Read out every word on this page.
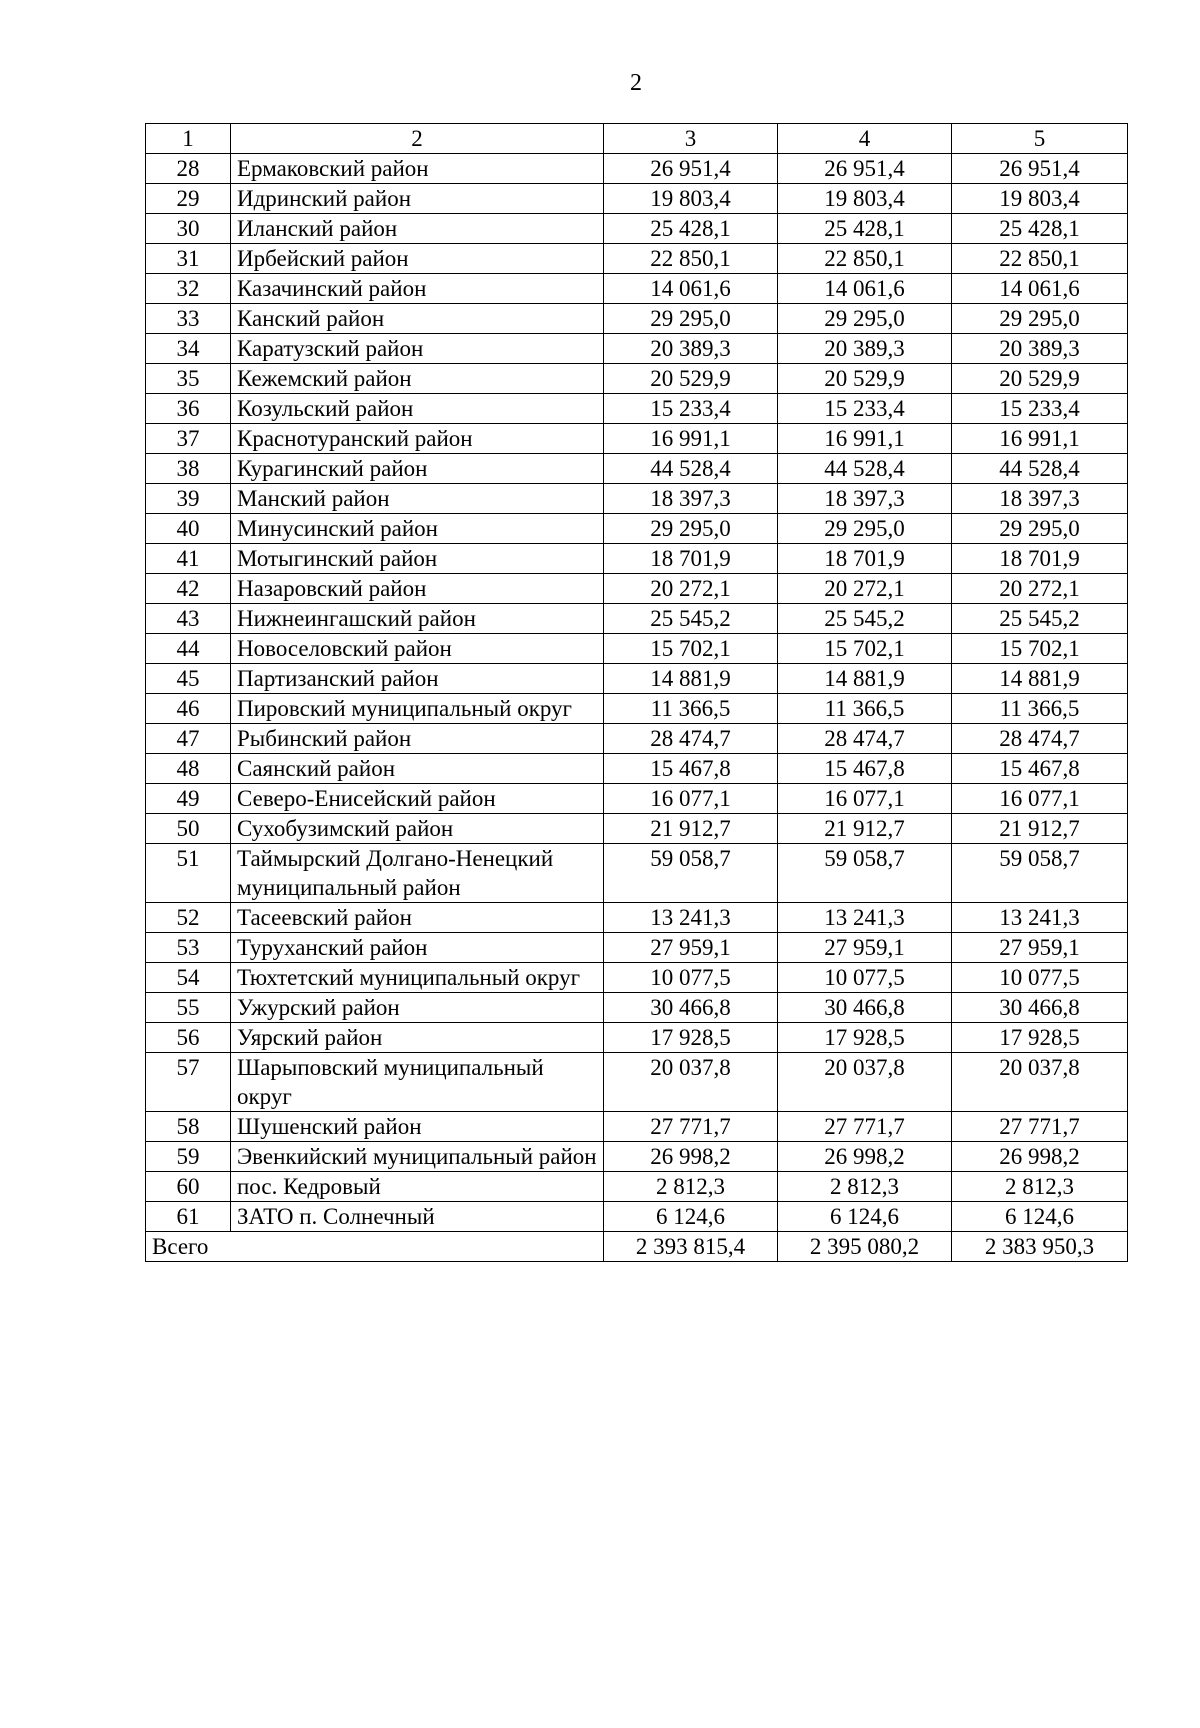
2
1	2	3	4	5
28	Ермаковский район	26 951,4	26 951,4	26 951,4
29	Идринский район	19 803,4	19 803,4	19 803,4
30	Иланский район	25 428,1	25 428,1	25 428,1
31	Ирбейский район	22 850,1	22 850,1	22 850,1
32	Казачинский район	14 061,6	14 061,6	14 061,6
33	Канский район	29 295,0	29 295,0	29 295,0
34	Каратузский район	20 389,3	20 389,3	20 389,3
35	Кежемский район	20 529,9	20 529,9	20 529,9
36	Козульский район	15 233,4	15 233,4	15 233,4
37	Краснотуранский район	16 991,1	16 991,1	16 991,1
38	Курагинский район	44 528,4	44 528,4	44 528,4
39	Манский район	18 397,3	18 397,3	18 397,3
40	Минусинский район	29 295,0	29 295,0	29 295,0
41	Мотыгинский район	18 701,9	18 701,9	18 701,9
42	Назаровский район	20 272,1	20 272,1	20 272,1
43	Нижнеингашский район	25 545,2	25 545,2	25 545,2
44	Новоселовский район	15 702,1	15 702,1	15 702,1
45	Партизанский район	14 881,9	14 881,9	14 881,9
46	Пировский муниципальный округ	11 366,5	11 366,5	11 366,5
47	Рыбинский район	28 474,7	28 474,7	28 474,7
48	Саянский район	15 467,8	15 467,8	15 467,8
49	Северо-Енисейский район	16 077,1	16 077,1	16 077,1
50	Сухобузимский район	21 912,7	21 912,7	21 912,7
51	Таймырский Долгано-Ненецкий муниципальный район	59 058,7	59 058,7	59 058,7
52	Тасеевский район	13 241,3	13 241,3	13 241,3
53	Туруханский район	27 959,1	27 959,1	27 959,1
54	Тюхтетский муниципальный округ	10 077,5	10 077,5	10 077,5
55	Ужурский район	30 466,8	30 466,8	30 466,8
56	Уярский район	17 928,5	17 928,5	17 928,5
57	Шарыповский муниципальный округ	20 037,8	20 037,8	20 037,8
58	Шушенский район	27 771,7	27 771,7	27 771,7
59	Эвенкийский муниципальный район	26 998,2	26 998,2	26 998,2
60	пос. Кедровый	2 812,3	2 812,3	2 812,3
61	ЗАТО п. Солнечный	6 124,6	6 124,6	6 124,6
Всего		2 393 815,4	2 395 080,2	2 383 950,3
